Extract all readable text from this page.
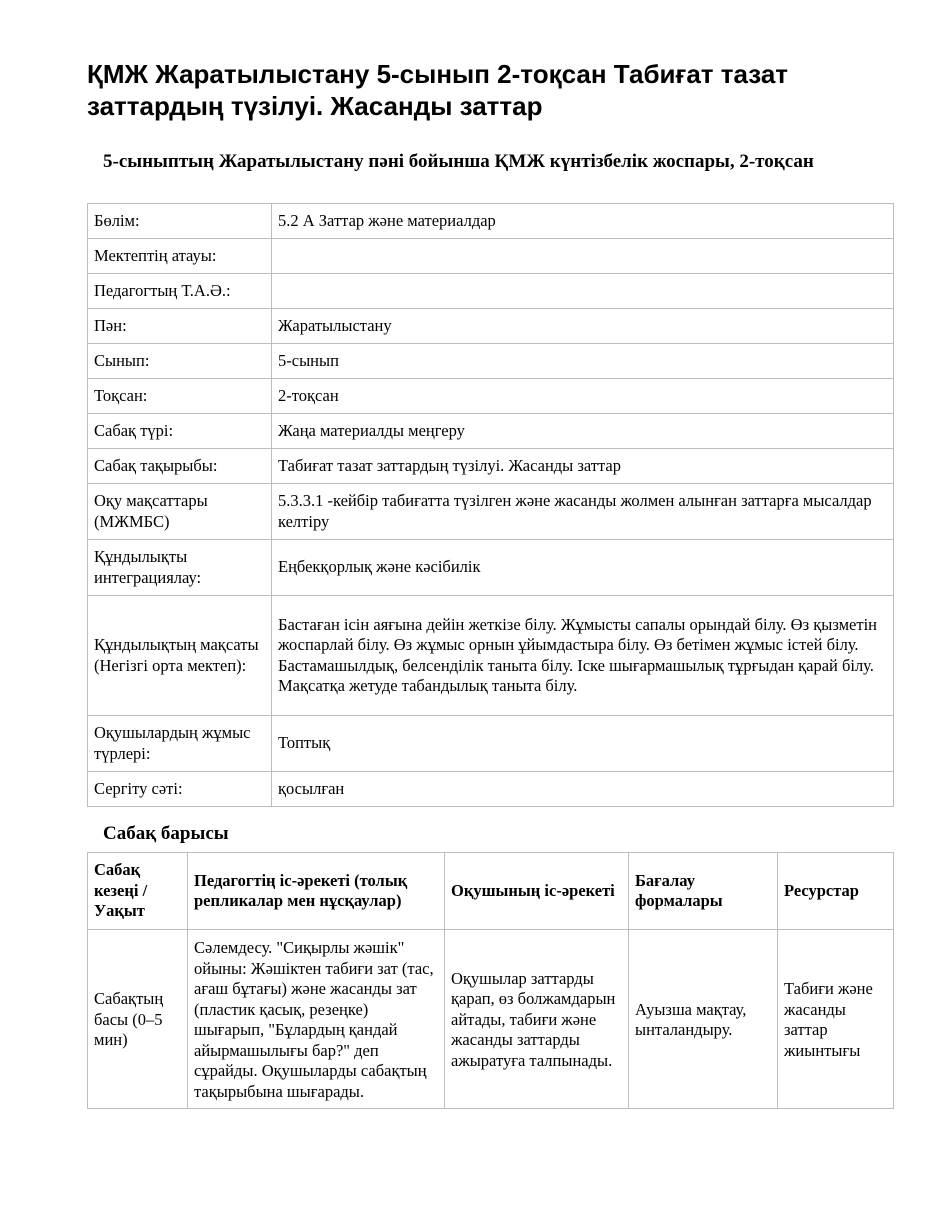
ҚМЖ Жаратылыстану 5-сынып 2-тоқсан Табиғат тазат заттардың түзілуі. Жасанды заттар

5-сыныптың Жаратылыстану пәні бойынша ҚМЖ күнтізбелік жоспары, 2-тоқсан

Бөлім:	5.2 А Заттар және материалдар
Мектептің атауы:	
Педагогтың Т.А.Ә.:	
Пән:	Жаратылыстану
Сынып:	5-сынып
Тоқсан:	2-тоқсан
Сабақ түрі:	Жаңа материалды меңгеру
Сабақ тақырыбы:	Табиғат тазат заттардың түзілуі. Жасанды заттар
Оқу мақсаттары (МЖМБС)	5.3.3.1 -кейбір табиғатта түзілген және жасанды жолмен алынған заттарға мысалдар келтіру
Құндылықты интеграциялау:	Еңбекқорлық және кәсібилік
Құндылықтың мақсаты (Негізгі орта мектеп):	Бастаған ісін аяғына дейін жеткізе білу. Жұмысты сапалы орындай білу. Өз қызметін жоспарлай білу. Өз жұмыс орнын ұйымдастыра білу. Өз бетімен жұмыс істей білу. Бастамашылдық, белсенділік таныта білу. Іске шығармашылық тұрғыдан қарай білу. Мақсатқа жетуде табандылық таныта білу.
Оқушылардың жұмыс түрлері:	Топтық
Сергіту сәті:	қосылған

Сабақ барысы

Сабақ кезеңі / Уақыт	Педагогтің іс-әрекеті (толық репликалар мен нұсқаулар)	Оқушының іс-әрекеті	Бағалау формалары	Ресурстар
Сабақтың басы (0–5 мин)	Сәлемдесу. "Сиқырлы жәшік" ойыны: Жәшіктен табиғи зат (тас, ағаш бұтағы) және жасанды зат (пластик қасық, резеңке) шығарып, "Бұлардың қандай айырмашылығы бар?" деп сұрайды. Оқушыларды сабақтың тақырыбына шығарады.	Оқушылар заттарды қарап, өз болжамдарын айтады, табиғи және жасанды заттарды ажыратуға талпынады.	Ауызша мақтау, ынталандыру.	Табиғи және жасанды заттар жиынтығы
